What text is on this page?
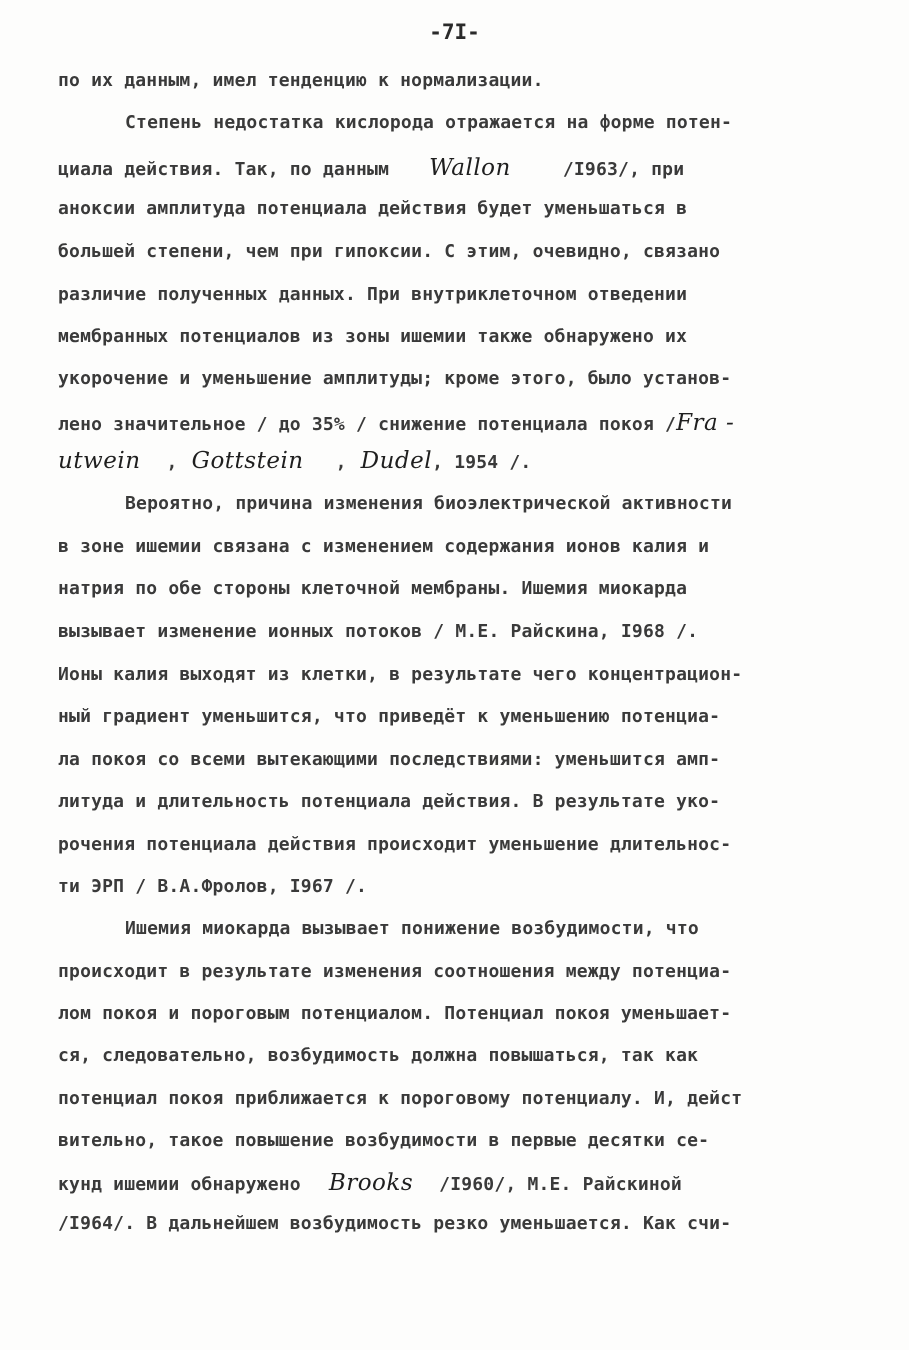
-7I-
по их данным, имел тенденцию к нормализации.
Степень недостатка кислорода отражается на форме потен-
циала действия. Так, по данным Wallon	/I963/, при
аноксии амплитуда потенциала действия будет уменьшаться в
большей степени, чем при гипоксии. С этим, очевидно, связано
различие полученных данных. При внутриклеточном отведении
мембранных потенциалов из зоны ишемии также обнаружено их
укорочение и уменьшение амплитуды; кроме этого, было установ-
лено значительное / до 35% / снижение потенциала покоя /Fra -
utwein , Gottstein , Dudel, 1954 /.
Вероятно, причина изменения биоэлектрической активности
в зоне ишемии связана с изменением содержания ионов калия и
натрия по обе стороны клеточной мембраны. Ишемия миокарда
вызывает изменение ионных потоков / М.Е. Райскина, I968 /.
Ионы калия выходят из клетки, в результате чего концентрацион-
ный градиент уменьшится, что приведёт к уменьшению потенциа-
ла покоя со всеми вытекающими последствиями: уменьшится амп-
литуда и длительность потенциала действия. В результате уко-
рочения потенциала действия происходит уменьшение длительнос-
ти ЭРП / В.А.Фролов, I967 /.
Ишемия миокарда вызывает понижение возбудимости, что
происходит в результате изменения соотношения между потенциа-
лом покоя и пороговым потенциалом. Потенциал покоя уменьшает-
ся, следовательно, возбудимость должна повышаться, так как
потенциал покоя приближается к пороговому потенциалу. И, дейст
вительно, такое повышение возбудимости в первые десятки се-
кунд ишемии обнаружено Brooks /I960/, М.Е. Райскиной
/I964/. В дальнейшем возбудимость резко уменьшается. Как счи-
